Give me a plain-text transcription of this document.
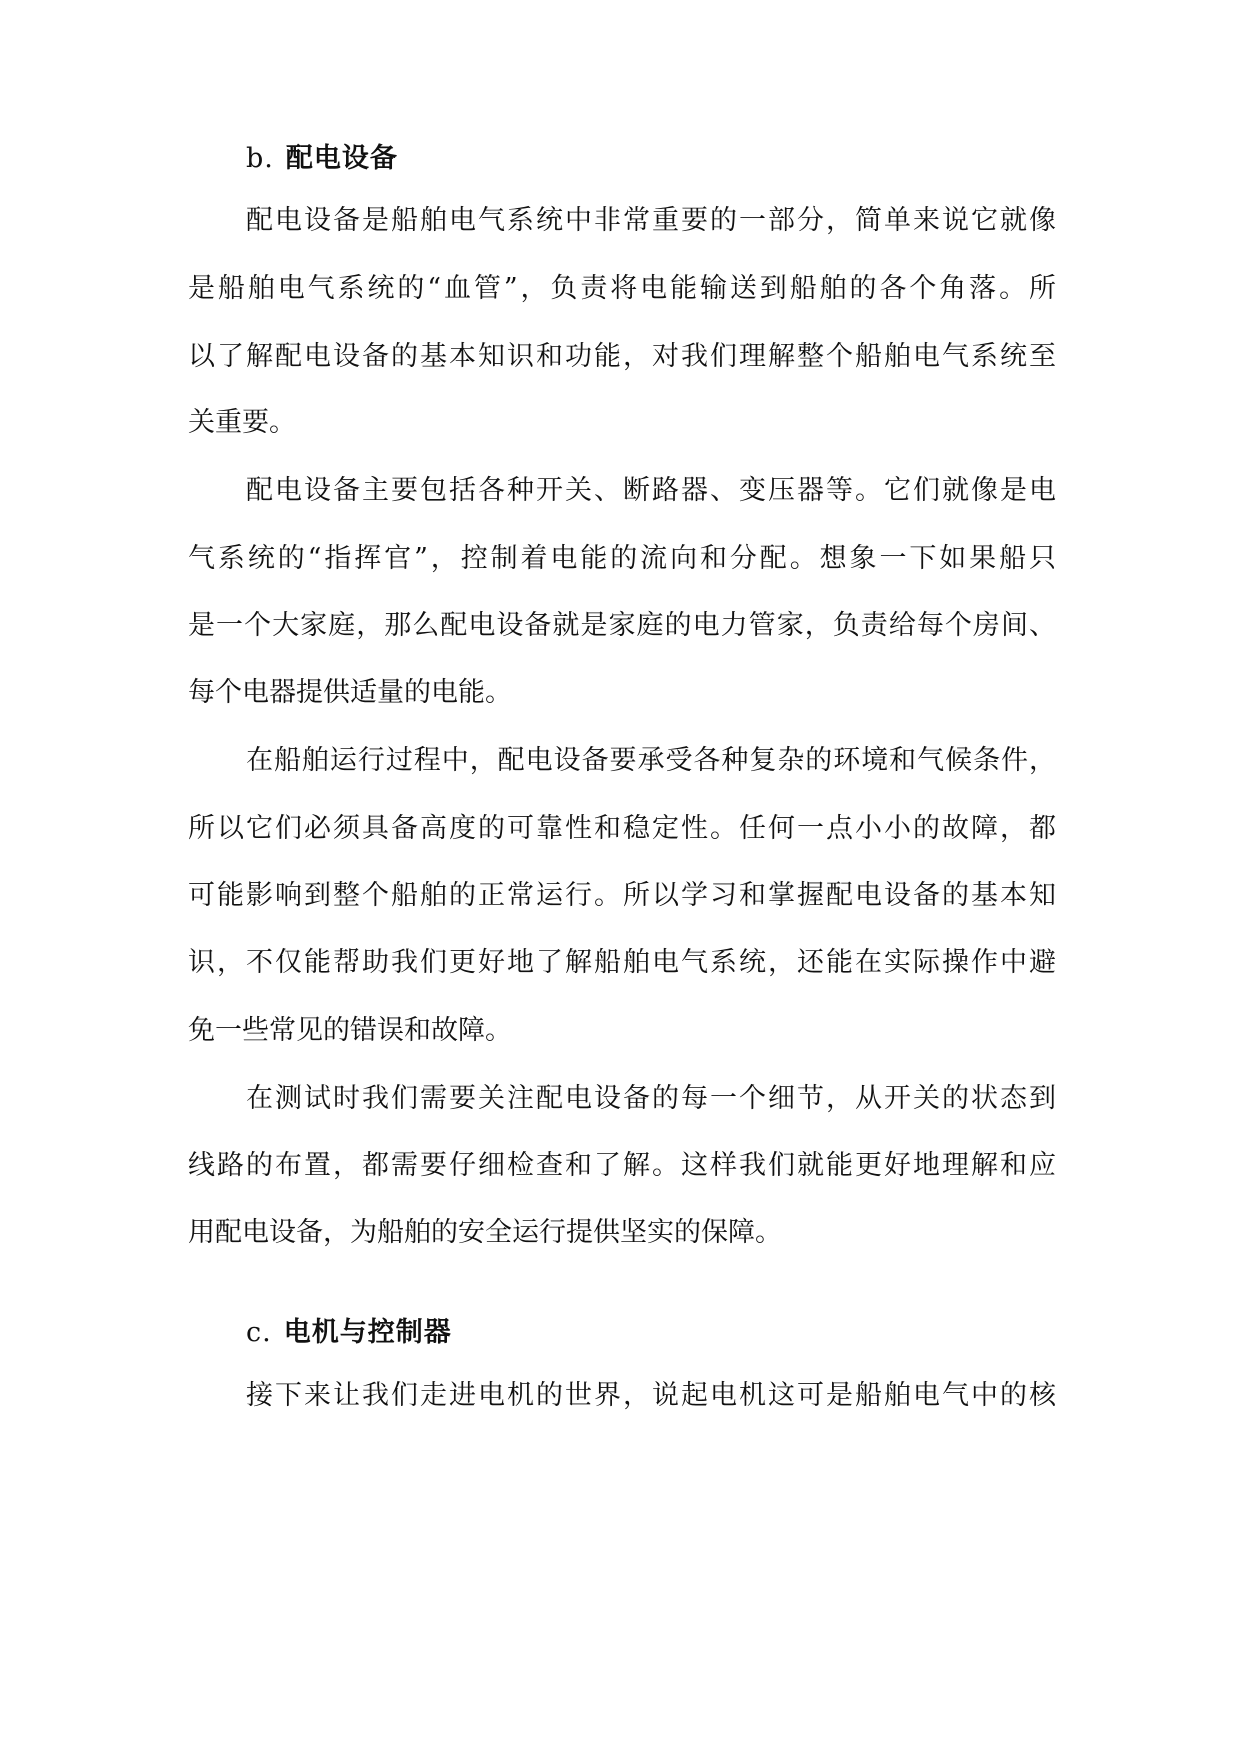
b. 配电设备

配电设备是船舶电气系统中非常重要的一部分，简单来说它就像

是船舶电气系统的“血管”，负责将电能输送到船舶的各个角落。所

以了解配电设备的基本知识和功能，对我们理解整个船舶电气系统至

关重要。

配电设备主要包括各种开关、断路器、变压器等。它们就像是电

气系统的“指挥官”，控制着电能的流向和分配。想象一下如果船只

是一个大家庭，那么配电设备就是家庭的电力管家，负责给每个房间、

每个电器提供适量的电能。

在船舶运行过程中，配电设备要承受各种复杂的环境和气候条件，

所以它们必须具备高度的可靠性和稳定性。任何一点小小的故障，都

可能影响到整个船舶的正常运行。所以学习和掌握配电设备的基本知

识，不仅能帮助我们更好地了解船舶电气系统，还能在实际操作中避

免一些常见的错误和故障。

在测试时我们需要关注配电设备的每一个细节，从开关的状态到

线路的布置，都需要仔细检查和了解。这样我们就能更好地理解和应

用配电设备，为船舶的安全运行提供坚实的保障。

c. 电机与控制器

接下来让我们走进电机的世界，说起电机这可是船舶电气中的核
